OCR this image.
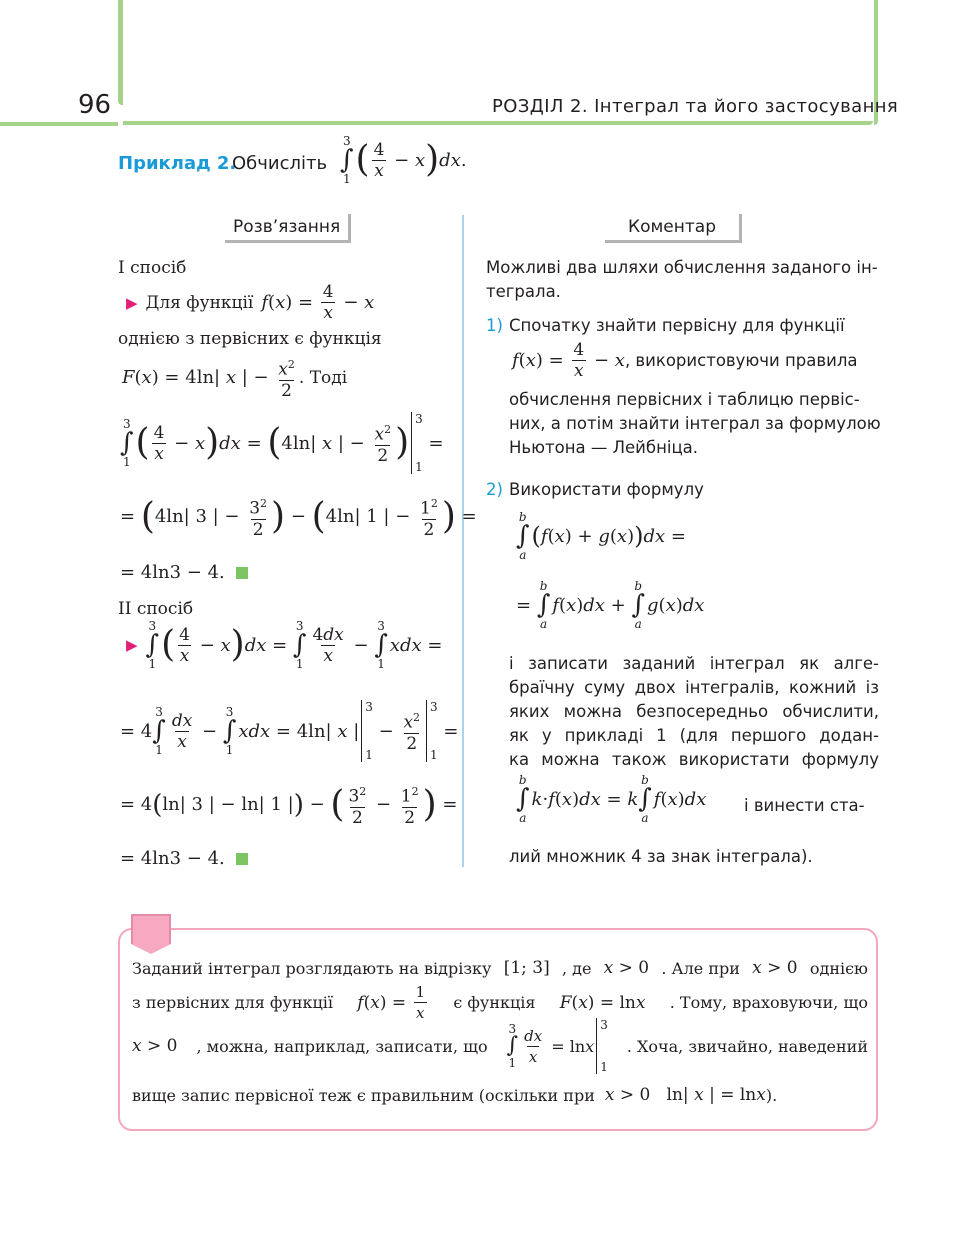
96	РОЗДІЛ 2. Інтеграл та його застосування
Приклад 2.
Обчисліть
3
∫
1 ( $\frac{4}{x} - x$ ) dx.
Розв’язання	Коментар
І спосіб
▶ Для функції f ( x ) = $\frac{4}{x} - x$
однією з первісних є функція
F ( x ) = 4ln| x | − $\frac{x^2}{2}$ . Тоді
3
∫
1 ( $\frac{4}{x} - x$ ) dx = ( 4ln| x | − $\frac{x^2}{2}$ )
3
1
=
= ( 4ln| 3 | − $\frac{3^2}{2}$ ) − ( 4ln| 1 | − $\frac{1^2}{2}$ ) =
= 4ln3 − 4.
ІІ спосіб
▶
3
∫
1 ( $\frac{4}{x} - x$ ) dx =
3
∫
$1 \frac{4dx}{x}$ −
3
∫
1
xdx =
= 4
3
∫
$1 \frac{dx}{x}$ −
3
∫
1
xdx = 4ln| x |
3
1
− $\frac{x^2}{2}$
3
1
=
= 4 ( ln| 3 | − ln| 1 | ) − ( $\frac{3^2}{2} - \frac{1^2}{2}$ ) =
= 4ln3 − 4.
Можливі два шляхи обчислення заданого ін-
теграла.
1) Спочатку знайти первісну для функції
f ( x ) = $\frac{4}{x} - x$ , використовуючи правила
обчислення первісних і таблицю первіс-
них, а потім знайти інтеграл за формулою
Ньютона — Лейбніца.
2) Використати формулу
b
∫
a
( f ( x ) + g ( x ) ) dx =
=
b
∫
a
f ( x ) dx +
b
∫
a
g ( x ) dx
і записати заданий інтеграл як алге-
браїчну суму двох інтегралів, кожний із
яких можна безпосередньо обчислити,
як у прикладі 1 (для першого додан-
ка можна також використати формулу
b
∫
a
k · f ( x ) dx = k
b
∫
a
f ( x ) dx і винести ста-
лий множник 4 за знак інтеграла).
Заданий інтеграл розглядають на відрізку [1; 3] , де x > 0 . Але при x > 0 однією
з первісних для функції f ( x ) = $\frac{1}{x}$ є функція F ( x ) = ln x . Тому, враховуючи, що
x > 0 , можна, наприклад, записати, що
3
∫
$1 \frac{dx}{x} = \ln x$
3
1
. Хоча, звичайно, наведений
вище запис первісної теж є правильним (оскільки при x > 0   ln| x | = ln x ).
